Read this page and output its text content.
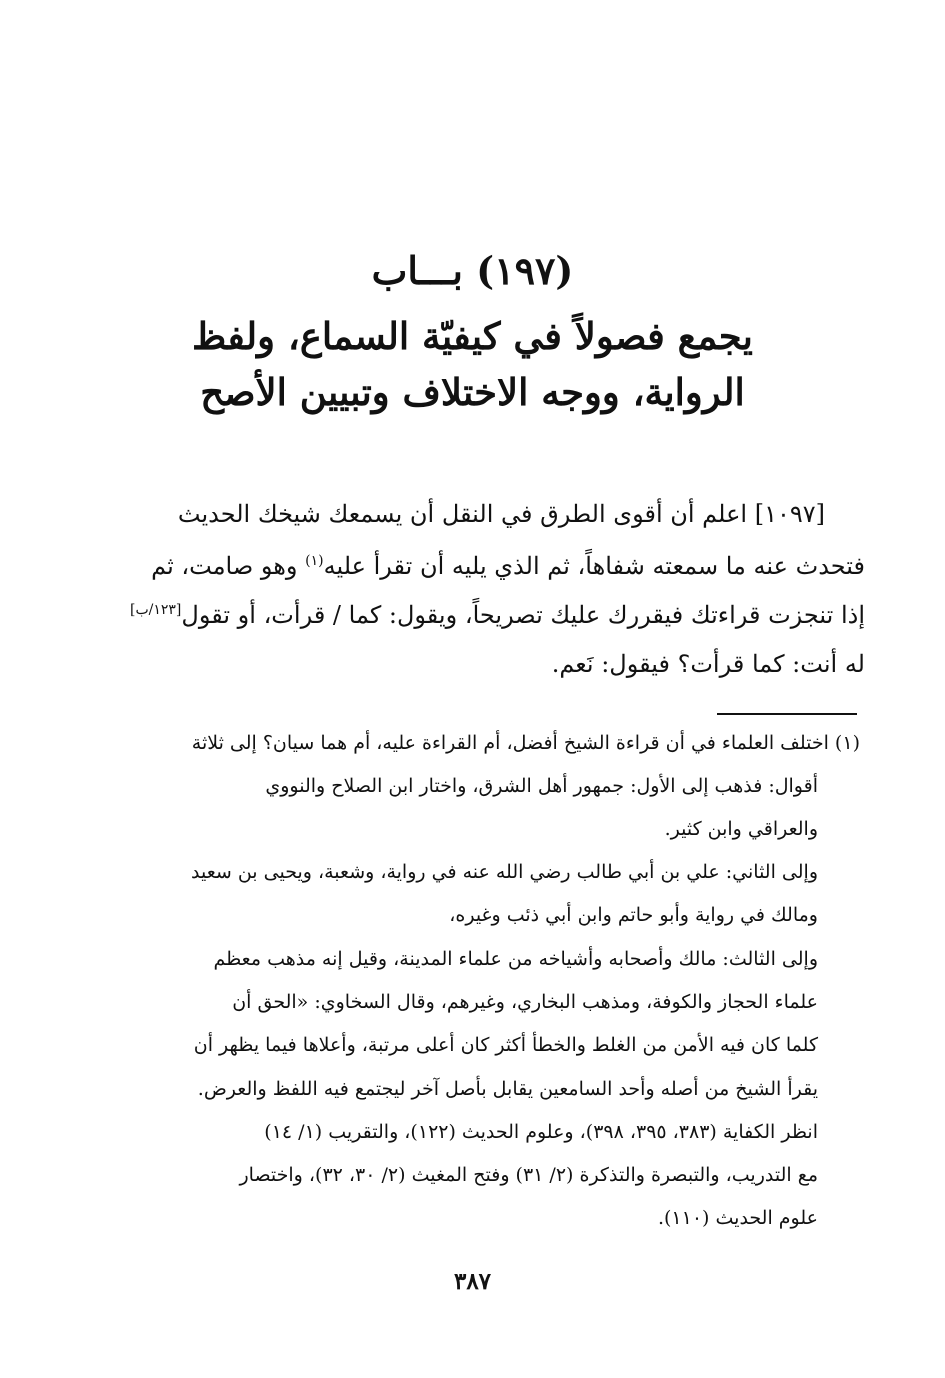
(١٩٧) بـــاب
يجمع فصولاً في كيفيّة السماع، ولفظ
الرواية، ووجه الاختلاف وتبيين الأصح
[١٠٩٧] اعلم أن أقوى الطرق في النقل أن يسمعك شيخك الحديث
فتحدث عنه ما سمعته شفاهاً، ثم الذي يليه أن تقرأ عليه$^{(١)}$ وهو صامت، ثم
إذا تنجزت قراءتك فيقررك عليك تصريحاً، ويقول: كما / قرأت، أو تقول[١٢٣/ب]
له أنت: كما قرأت؟ فيقول: نَعم.
(١) اختلف العلماء في أن قراءة الشيخ أفضل، أم القراءة عليه، أم هما سيان؟ إلى ثلاثة
أقوال: فذهب إلى الأول: جمهور أهل الشرق، واختار ابن الصلاح والنووي
والعراقي وابن كثير.
وإلى الثاني: علي بن أبي طالب رضي الله عنه في رواية، وشعبة، ويحيى بن سعيد
ومالك في رواية وأبو حاتم وابن أبي ذئب وغيره،
وإلى الثالث: مالك وأصحابه وأشياخه من علماء المدينة، وقيل إنه مذهب معظم
علماء الحجاز والكوفة، ومذهب البخاري، وغيرهم، وقال السخاوي: «الحق أن
كلما كان فيه الأمن من الغلط والخطأ أكثر كان أعلى مرتبة، وأعلاها فيما يظهر أن
يقرأ الشيخ من أصله وأحد السامعين يقابل بأصل آخر ليجتمع فيه اللفظ والعرض.
انظر الكفاية (٣٨٣، ٣٩٥، ٣٩٨)، وعلوم الحديث (١٢٢)، والتقريب (١/ ١٤)
مع التدريب، والتبصرة والتذكرة (٢/ ٣١) وفتح المغيث (٢/ ٣٠، ٣٢)، واختصار
علوم الحديث (١١٠).
٣٨٧
